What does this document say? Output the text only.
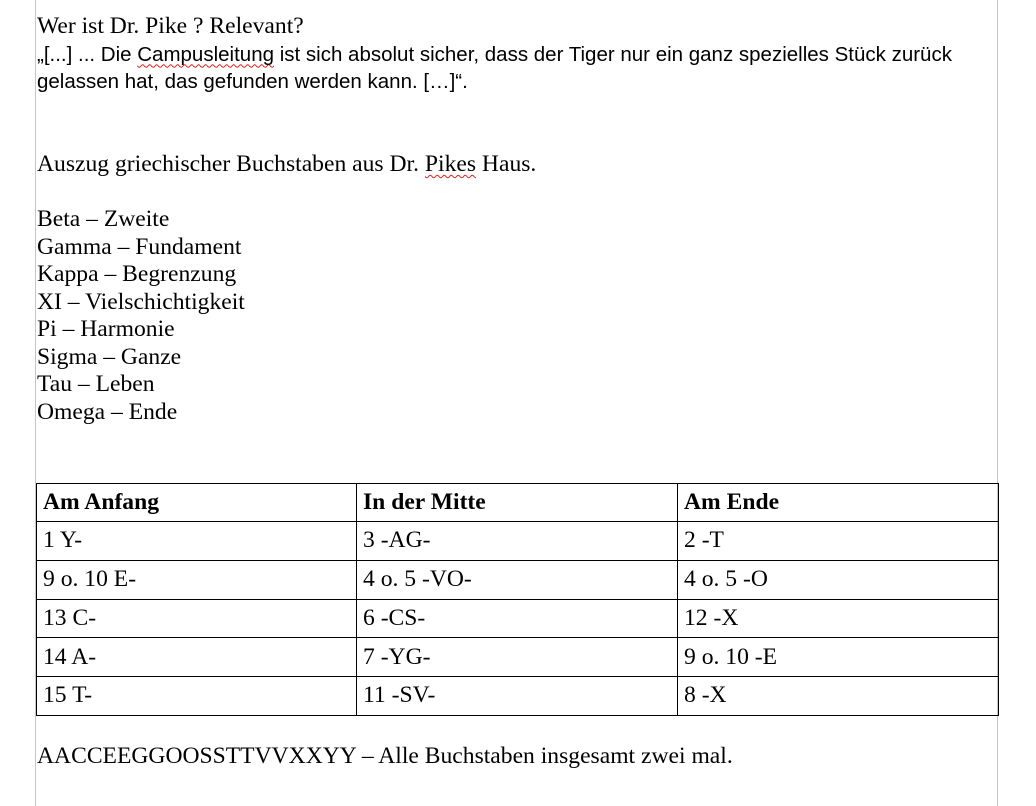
Wer ist Dr. Pike ? Relevant?
„[...] ... Die Campusleitung ist sich absolut sicher, dass der Tiger nur ein ganz spezielles Stück zurück gelassen hat, das gefunden werden kann. […]“.
Auszug griechischer Buchstaben aus Dr. Pikes Haus.
Beta – Zweite
Gamma – Fundament
Kappa – Begrenzung
XI – Vielschichtigkeit
Pi – Harmonie
Sigma – Ganze
Tau – Leben
Omega – Ende
Am Anfang	In der Mitte	Am Ende
1 Y-	3 -AG-	2 -T
9 o. 10 E-	4 o. 5 -VO-	4 o. 5 -O
13 C-	6 -CS-	12 -X
14 A-	7 -YG-	9 o. 10 -E
15 T-	11 -SV-	8 -X
AACCEEGGOOSSTTVVXXYY – Alle Buchstaben insgesamt zwei mal.
